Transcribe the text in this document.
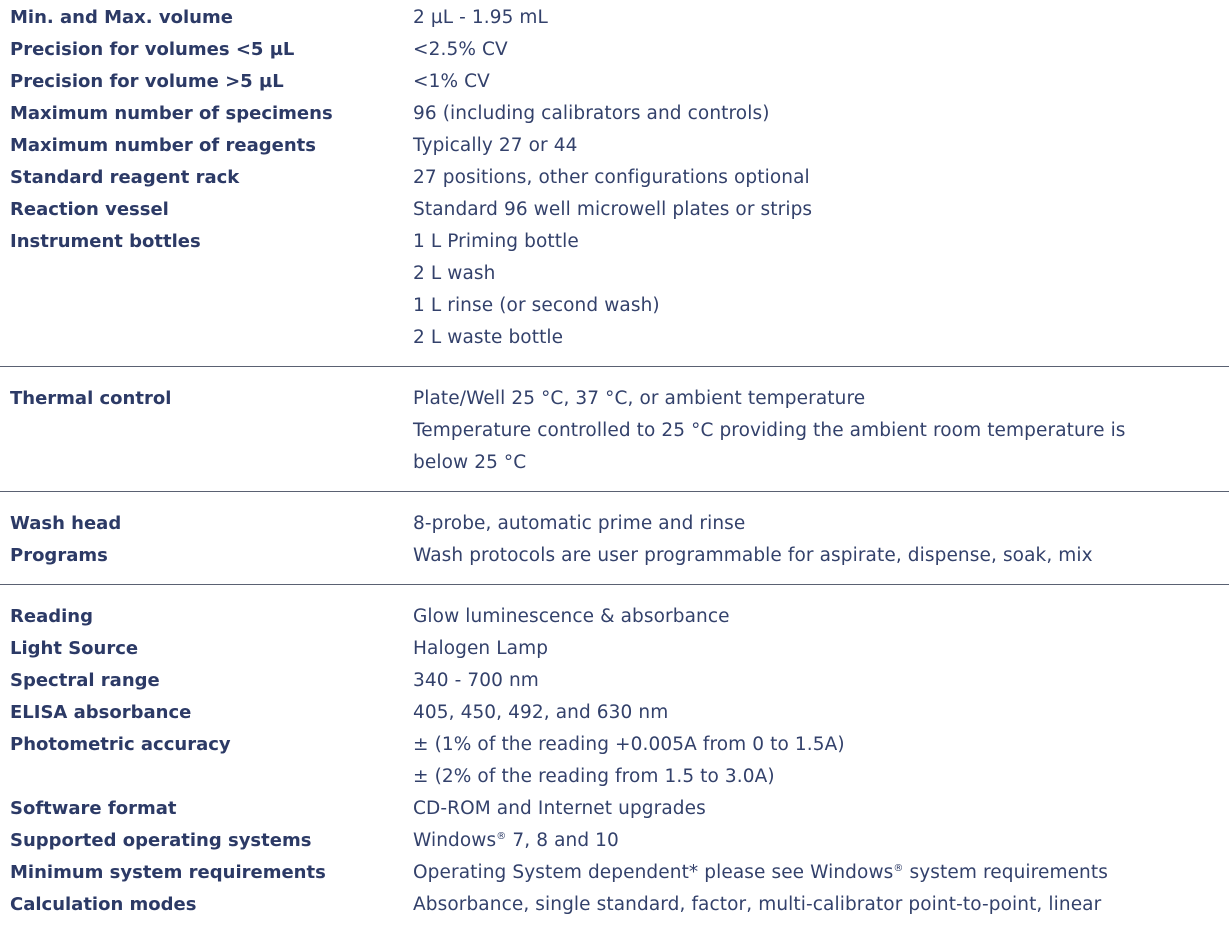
Min. and Max. volume	2 µL - 1.95 mL
Precision for volumes <5 µL	<2.5% CV
Precision for volume >5 µL	<1% CV
Maximum number of specimens	96 (including calibrators and controls)
Maximum number of reagents	Typically 27 or 44
Standard reagent rack	27 positions, other configurations optional
Reaction vessel	Standard 96 well microwell plates or strips
Instrument bottles	1 L Priming bottle
2 L wash
1 L rinse (or second wash)
2 L waste bottle
Thermal control	Plate/Well 25 °C, 37 °C, or ambient temperature
Temperature controlled to 25 °C providing the ambient room temperature is
below 25 °C
Wash head	8-probe, automatic prime and rinse
Programs	Wash protocols are user programmable for aspirate, dispense, soak, mix
Reading	Glow luminescence & absorbance
Light Source	Halogen Lamp
Spectral range	340 - 700 nm
ELISA absorbance	405, 450, 492, and 630 nm
Photometric accuracy	± (1% of the reading +0.005A from 0 to 1.5A)
± (2% of the reading from 1.5 to 3.0A)
Software format	CD-ROM and Internet upgrades
Supported operating systems	Windows® 7, 8 and 10
Minimum system requirements	Operating System dependent* please see Windows® system requirements
Calculation modes	Absorbance, single standard, factor, multi-calibrator point-to-point, linear
